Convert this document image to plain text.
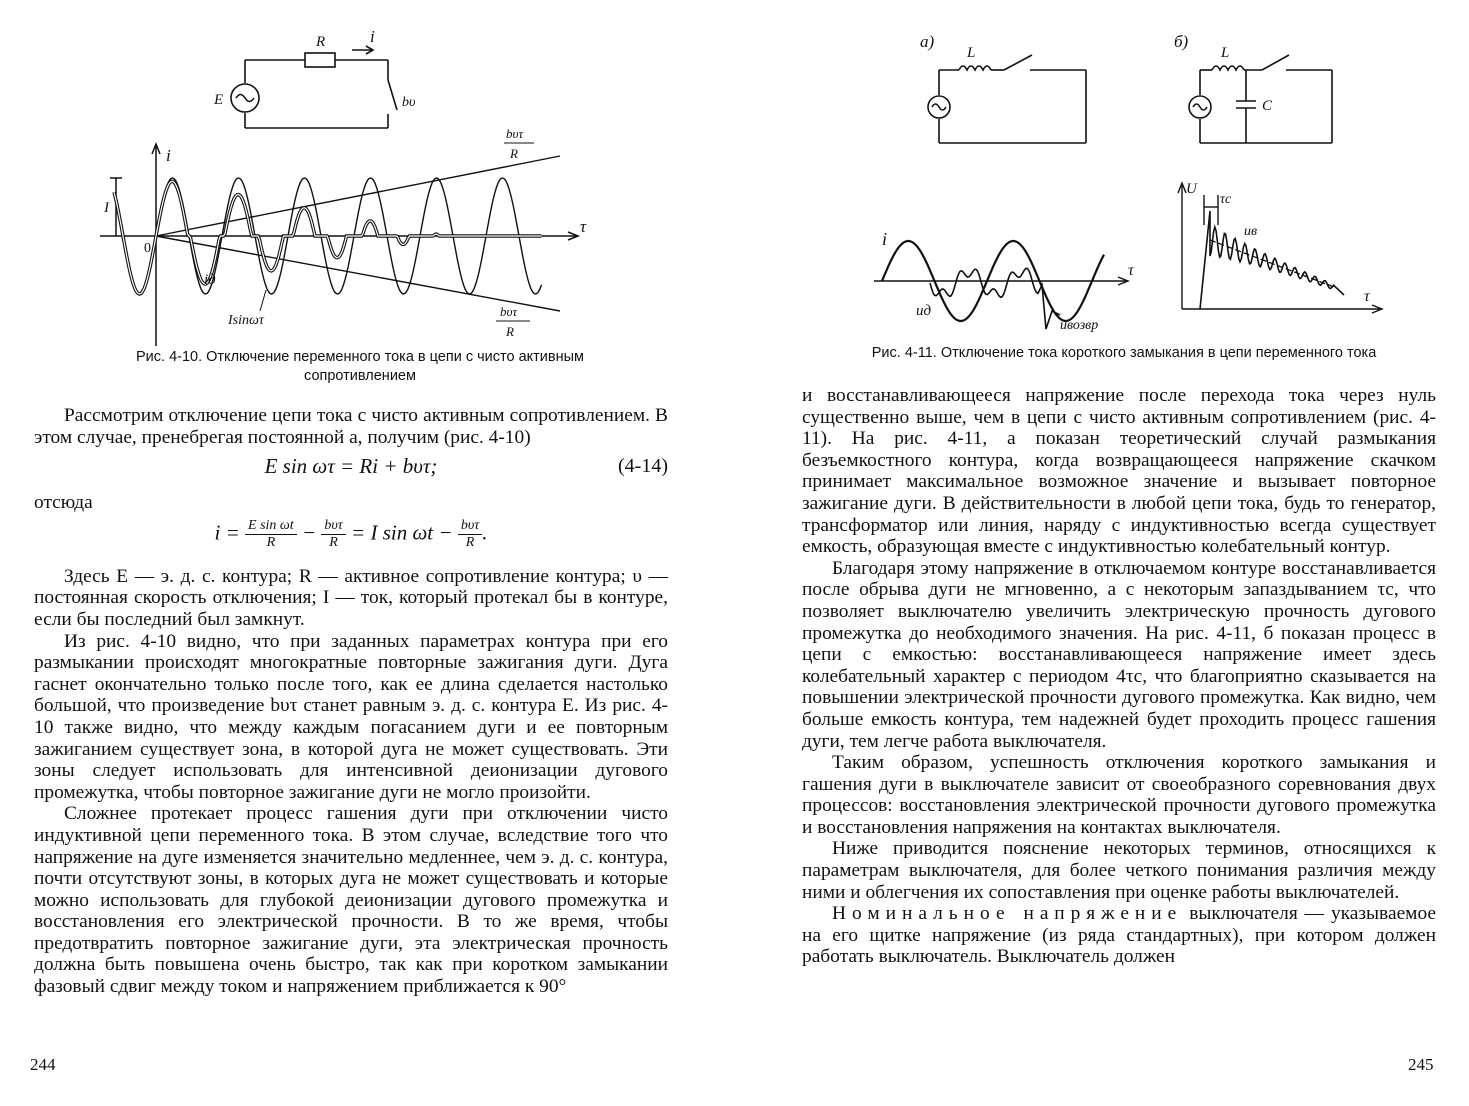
R	i
E	bυ
i
τ
0
I
bυτ
R
iд
Isinωτ
bυτ
R
Рис. 4-10. Отключение переменного тока в цепи с чисто активным
сопротивлением

Рассмотрим отключение цепи тока с чисто активным сопротивлением. В этом случае, пренебрегая постоянной а, получим (рис. 4-10)

E sin ωτ = Ri + bυτ;	(4-14)

отсюда

$i = \frac{\text{E sin ωt}}{R} - \frac{\text{bυτ}}{R} = I$ $\sin \omega t - \frac{\text{bυτ}}{R}$ .

Здесь E — э. д. с. контура; R — активное сопротивление контура; υ — постоянная скорость отключения; I — ток, который протекал бы в контуре, если бы последний был замкнут.

Из рис. 4-10 видно, что при заданных параметрах контура при его размыкании происходят многократные повторные зажигания дуги. Дуга гаснет окончательно только после того, как ее длина сделается настолько большой, что произведение bυτ станет равным э. д. с. контура E. Из рис. 4-10 также видно, что между каждым погасанием дуги и ее повторным зажиганием существует зона, в которой дуга не может существовать. Эти зоны следует использовать для интенсивной деионизации дугового промежутка, чтобы повторное зажигание дуги не могло произойти.

Сложнее протекает процесс гашения дуги при отключении чисто индуктивной цепи переменного тока. В этом случае, вследствие того что напряжение на дуге изменяется значительно медленнее, чем э. д. с. контура, почти отсутствуют зоны, в которых дуга не может существовать и которые можно использовать для глубокой деионизации дугового промежутка и восстановления его электрической прочности. В то же время, чтобы предотвратить повторное зажигание дуги, эта электрическая прочность должна быть повышена очень быстро, так как при коротком замыкании фазовый сдвиг между током и напряжением приближается к 90°

244
а)
L
б)
L
C
i
τ
uд
uвозвр
U
τc
uв
τ
Рис. 4-11. Отключение тока короткого замыкания в цепи переменного тока

и восстанавливающееся напряжение после перехода тока через нуль существенно выше, чем в цепи с чисто активным сопротивлением (рис. 4-11). На рис. 4-11, а показан теоретический случай размыкания безъемкостного контура, когда возвращающееся напряжение скачком принимает максимальное возможное значение и вызывает повторное зажигание дуги. В действительности в любой цепи тока, будь то генератор, трансформатор или линия, наряду с индуктивностью всегда существует емкость, образующая вместе с индуктивностью колебательный контур.

Благодаря этому напряжение в отключаемом контуре восстанавливается после обрыва дуги не мгновенно, а с некоторым запаздыванием τc, что позволяет выключателю увеличить электрическую прочность дугового промежутка до необходимого значения. На рис. 4-11, б показан процесс в цепи с емкостью: восстанавливающееся напряжение имеет здесь колебательный характер с периодом 4τc, что благоприятно сказывается на повышении электрической прочности дугового промежутка. Как видно, чем больше емкость контура, тем надежней будет проходить процесс гашения дуги, тем легче работа выключателя.

Таким образом, успешность отключения короткого замыкания и гашения дуги в выключателе зависит от своеобразного соревнования двух процессов: восстановления электрической прочности дугового промежутка и восстановления напряжения на контактах выключателя.

Ниже приводится пояснение некоторых терминов, относящихся к параметрам выключателя, для более четкого понимания различия между ними и облегчения их сопоставления при оценке работы выключателей.

Номинальное напряжение выключателя — указываемое на его щитке напряжение (из ряда стандартных), при котором должен работать выключатель. Выключатель должен

245
